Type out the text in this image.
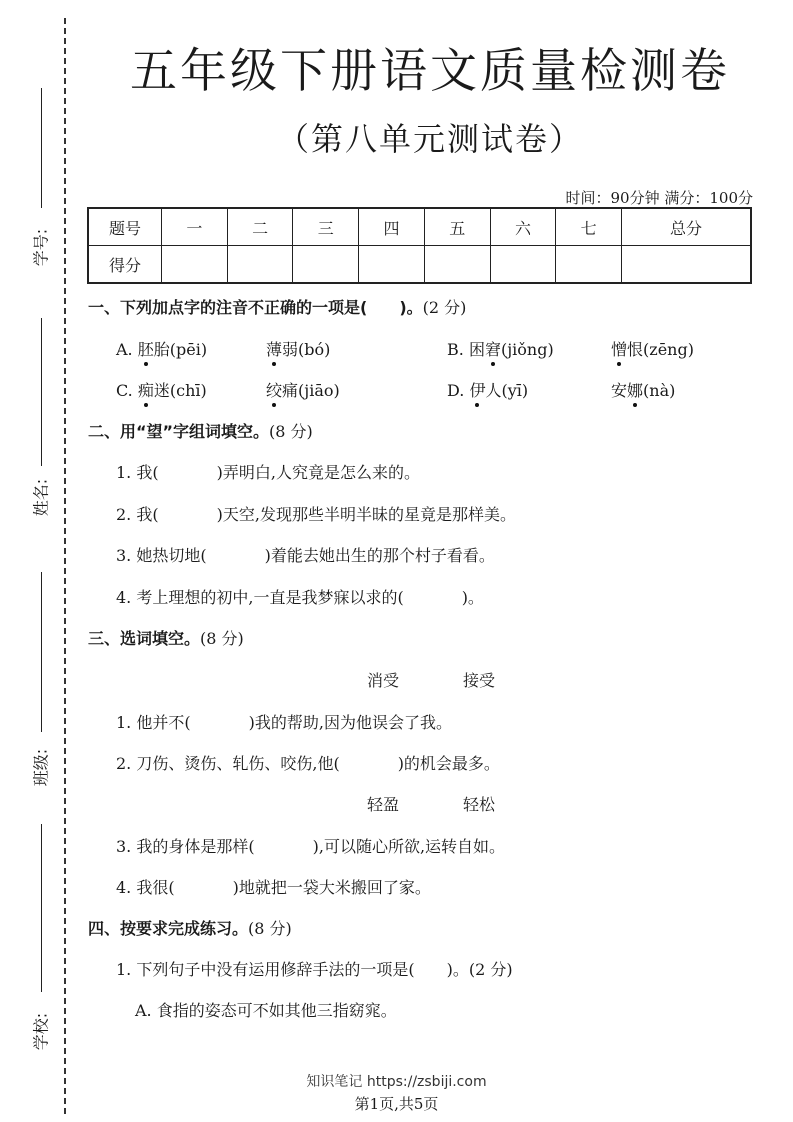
学号:
姓名:
班级:
学校:
五年级下册语文质量检测卷
（第八单元测试卷）
时间：90分钟 满分：100分
题号	一	二	三	四	五	六	七	总分
得分								
一、下列加点字的注音不正确的一项是(　　)。(2 分)
A. 胚胎(pēi)	薄弱(bó)	B. 困窘(jiǒng)	憎恨(zēng)
C. 痴迷(chī)	绞痛(jiāo)	D. 伊人(yī)	安娜(nà)
二、用“望”字组词填空。(8 分)
1. 我(	)弄明白,人究竟是怎么来的。
2. 我(	)天空,发现那些半明半昧的星竟是那样美。
3. 她热切地(	)着能去她出生的那个村子看看。
4. 考上理想的初中,一直是我梦寐以求的(	)。
三、选词填空。(8 分)
消受	接受
1. 他并不(	)我的帮助,因为他误会了我。
2. 刀伤、烫伤、轧伤、咬伤,他(	)的机会最多。
轻盈	轻松
3. 我的身体是那样(	),可以随心所欲,运转自如。
4. 我很(	)地就把一袋大米搬回了家。
四、按要求完成练习。(8 分)
1. 下列句子中没有运用修辞手法的一项是(　　)。(2 分)
A. 食指的姿态可不如其他三指窈窕。
知识笔记 https://zsbiji.com
第1页,共5页
